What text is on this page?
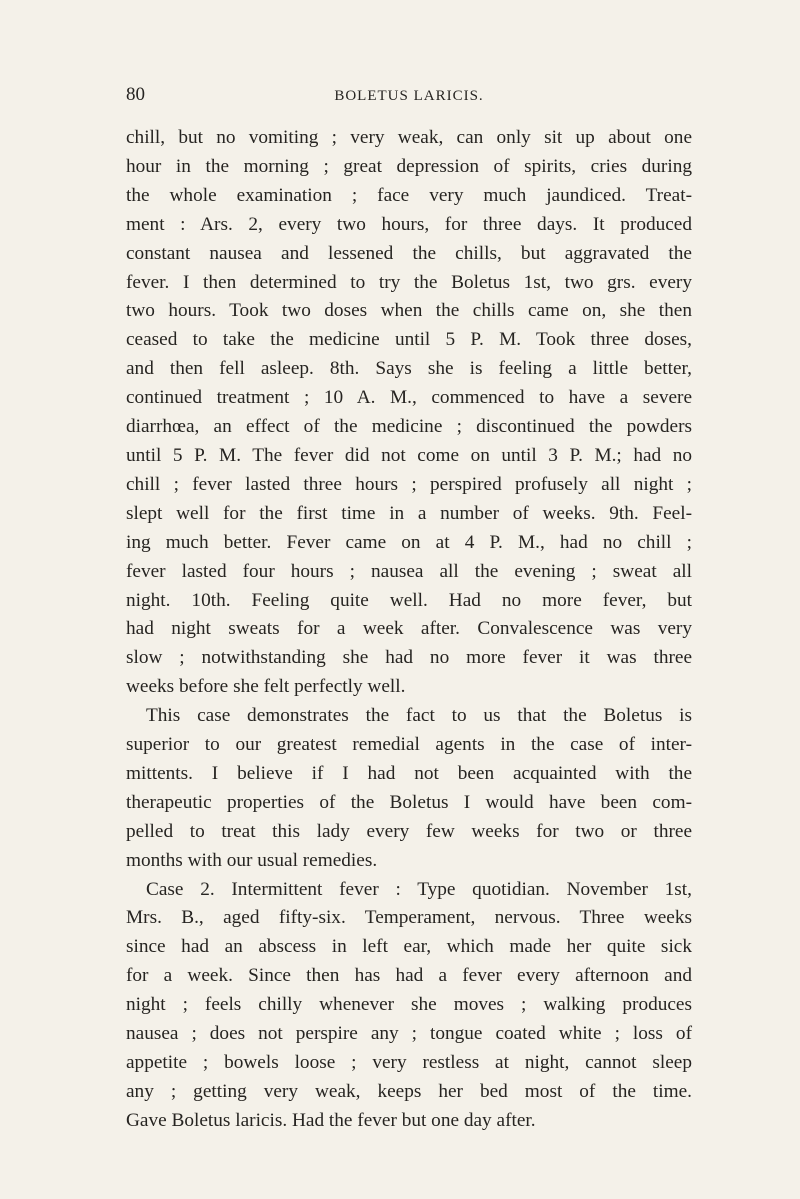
80	BOLETUS LARICIS.
chill, but no vomiting ; very weak, can only sit up about one
hour in the morning ; great depression of spirits, cries during
the whole examination ; face very much jaundiced. Treat-
ment : Ars. 2, every two hours, for three days. It produced
constant nausea and lessened the chills, but aggravated the
fever. I then determined to try the Boletus 1st, two grs. every
two hours. Took two doses when the chills came on, she then
ceased to take the medicine until 5 P. M. Took three doses,
and then fell asleep. 8th. Says she is feeling a little better,
continued treatment ; 10 A. M., commenced to have a severe
diarrhœa, an effect of the medicine ; discontinued the powders
until 5 P. M. The fever did not come on until 3 P. M.; had no
chill ; fever lasted three hours ; perspired profusely all night ;
slept well for the first time in a number of weeks. 9th. Feel-
ing much better. Fever came on at 4 P. M., had no chill ;
fever lasted four hours ; nausea all the evening ; sweat all
night. 10th. Feeling quite well. Had no more fever, but
had night sweats for a week after. Convalescence was very
slow ; notwithstanding she had no more fever it was three
weeks before she felt perfectly well.
This case demonstrates the fact to us that the Boletus is
superior to our greatest remedial agents in the case of inter-
mittents. I believe if I had not been acquainted with the
therapeutic properties of the Boletus I would have been com-
pelled to treat this lady every few weeks for two or three
months with our usual remedies.
Case 2. Intermittent fever : Type quotidian. November 1st,
Mrs. B., aged fifty-six. Temperament, nervous. Three weeks
since had an abscess in left ear, which made her quite sick
for a week. Since then has had a fever every afternoon and
night ; feels chilly whenever she moves ; walking produces
nausea ; does not perspire any ; tongue coated white ; loss of
appetite ; bowels loose ; very restless at night, cannot sleep
any ; getting very weak, keeps her bed most of the time.
Gave Boletus laricis. Had the fever but one day after.
